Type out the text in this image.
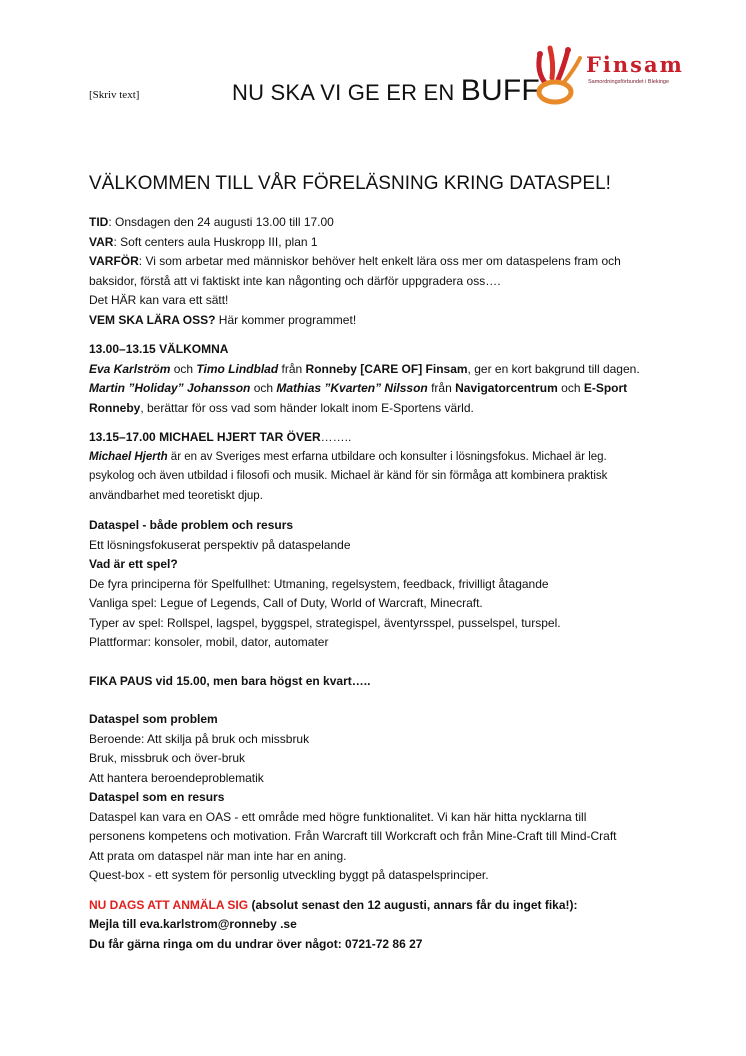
[Skriv text]	NU SKA VI GE ER EN BUFF
Finsam
Samordningsförbundet i Blekinge
VÄLKOMMEN TILL VÅR FÖRELÄSNING KRING DATASPEL!

TID: Onsdagen den 24 augusti 13.00 till 17.00

VAR: Soft centers aula Huskropp III, plan 1

VARFÖR: Vi som arbetar med människor behöver helt enkelt lära oss mer om dataspelens fram och

baksidor, förstå att vi faktiskt inte kan någonting och därför uppgradera oss….

Det HÄR kan vara ett sätt!

VEM SKA LÄRA OSS? Här kommer programmet!

13.00–13.15 VÄLKOMNA

Eva Karlström och Timo Lindblad från Ronneby [CARE OF] Finsam, ger en kort bakgrund till dagen.

Martin ”Holiday” Johansson och Mathias ”Kvarten” Nilsson från Navigatorcentrum och E-Sport

Ronneby, berättar för oss vad som händer lokalt inom E-Sportens värld.

13.15–17.00 MICHAEL HJERT TAR ÖVER……..

Michael Hjerth är en av Sveriges mest erfarna utbildare och konsulter i lösningsfokus. Michael är leg.

psykolog och även utbildad i filosofi och musik. Michael är känd för sin förmåga att kombinera praktisk

användbarhet med teoretiskt djup.

Dataspel - både problem och resurs

Ett lösningsfokuserat perspektiv på dataspelande

Vad är ett spel?

De fyra principerna för Spelfullhet: Utmaning, regelsystem, feedback, frivilligt åtagande

Vanliga spel: Legue of Legends, Call of Duty, World of Warcraft, Minecraft.

Typer av spel: Rollspel, lagspel, byggspel, strategispel, äventyrsspel, pusselspel, turspel.

Plattformar: konsoler, mobil, dator, automater

FIKA PAUS vid 15.00, men bara högst en kvart…..

Dataspel som problem

Beroende: Att skilja på bruk och missbruk

Bruk, missbruk och över-bruk

Att hantera beroendeproblematik

Dataspel som en resurs

Dataspel kan vara en OAS - ett område med högre funktionalitet. Vi kan här hitta nycklarna till

personens kompetens och motivation. Från Warcraft till Workcraft och från Mine-Craft till Mind-Craft

Att prata om dataspel när man inte har en aning.

Quest-box - ett system för personlig utveckling byggt på dataspelsprinciper.

NU DAGS ATT ANMÄLA SIG (absolut senast den 12 augusti, annars får du inget fika!):

Mejla till eva.karlstrom@ronneby .se

Du får gärna ringa om du undrar över något: 0721-72 86 27
